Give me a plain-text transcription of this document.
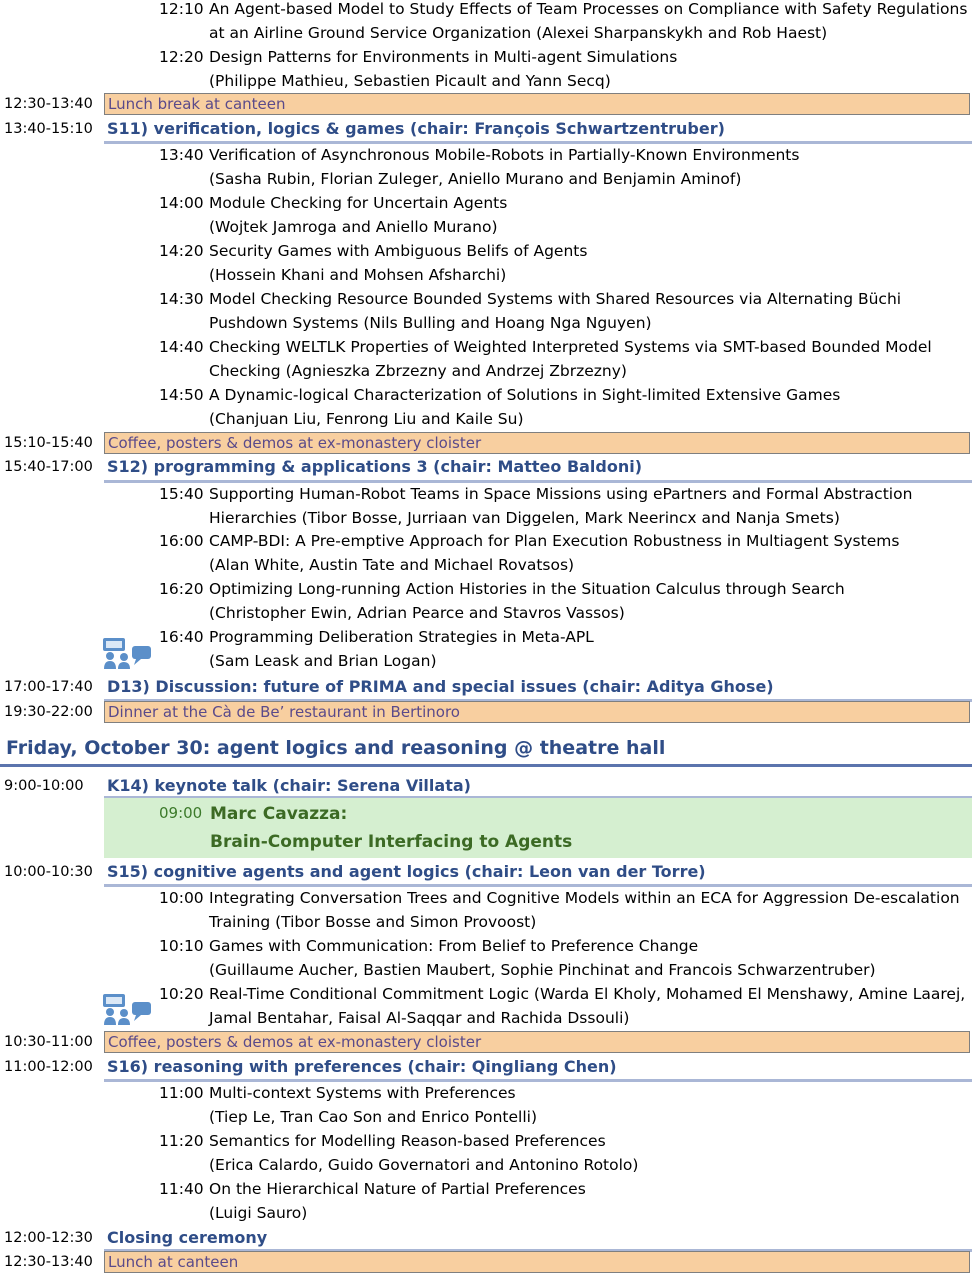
12:10 An Agent-based Model to Study Effects of Team Processes on Compliance with Safety Regulations
at an Airline Ground Service Organization (Alexei Sharpanskykh and Rob Haest)
12:20 Design Patterns for Environments in Multi-agent Simulations
(Philippe Mathieu, Sebastien Picault and Yann Secq)
12:30-13:40 Lunch break at canteen
13:40-15:10 S11) verification, logics & games (chair: François Schwartzentruber)
13:40 Verification of Asynchronous Mobile-Robots in Partially-Known Environments
(Sasha Rubin, Florian Zuleger, Aniello Murano and Benjamin Aminof)
14:00 Module Checking for Uncertain Agents
(Wojtek Jamroga and Aniello Murano)
14:20 Security Games with Ambiguous Belifs of Agents
(Hossein Khani and Mohsen Afsharchi)
14:30 Model Checking Resource Bounded Systems with Shared Resources via Alternating Büchi
Pushdown Systems (Nils Bulling and Hoang Nga Nguyen)
14:40 Checking WELTLK Properties of Weighted Interpreted Systems via SMT-based Bounded Model
Checking (Agnieszka Zbrzezny and Andrzej Zbrzezny)
14:50 A Dynamic-logical Characterization of Solutions in Sight-limited Extensive Games
(Chanjuan Liu, Fenrong Liu and Kaile Su)
15:10-15:40 Coffee, posters & demos at ex-monastery cloister
15:40-17:00 S12) programming & applications 3 (chair: Matteo Baldoni)
15:40 Supporting Human-Robot Teams in Space Missions using ePartners and Formal Abstraction
Hierarchies (Tibor Bosse, Jurriaan van Diggelen, Mark Neerincx and Nanja Smets)
16:00 CAMP-BDI: A Pre-emptive Approach for Plan Execution Robustness in Multiagent Systems
(Alan White, Austin Tate and Michael Rovatsos)
16:20 Optimizing Long-running Action Histories in the Situation Calculus through Search
(Christopher Ewin, Adrian Pearce and Stavros Vassos)
16:40 Programming Deliberation Strategies in Meta-APL
(Sam Leask and Brian Logan)
17:00-17:40 D13) Discussion: future of PRIMA and special issues (chair: Aditya Ghose)
19:30-22:00 Dinner at the Cà de Be’ restaurant in Bertinoro
Friday, October 30: agent logics and reasoning @ theatre hall
9:00-10:00 K14) keynote talk (chair: Serena Villata)
09:00 Marc Cavazza:
Brain-Computer Interfacing to Agents
10:00-10:30 S15) cognitive agents and agent logics (chair: Leon van der Torre)
10:00 Integrating Conversation Trees and Cognitive Models within an ECA for Aggression De-escalation
Training (Tibor Bosse and Simon Provoost)
10:10 Games with Communication: From Belief to Preference Change
(Guillaume Aucher, Bastien Maubert, Sophie Pinchinat and Francois Schwarzentruber)
10:20 Real-Time Conditional Commitment Logic (Warda El Kholy, Mohamed El Menshawy, Amine Laarej,
Jamal Bentahar, Faisal Al-Saqqar and Rachida Dssouli)
10:30-11:00 Coffee, posters & demos at ex-monastery cloister
11:00-12:00 S16) reasoning with preferences (chair: Qingliang Chen)
11:00 Multi-context Systems with Preferences
(Tiep Le, Tran Cao Son and Enrico Pontelli)
11:20 Semantics for Modelling Reason-based Preferences
(Erica Calardo, Guido Governatori and Antonino Rotolo)
11:40 On the Hierarchical Nature of Partial Preferences
(Luigi Sauro)
12:00-12:30 Closing ceremony
12:30-13:40 Lunch at canteen
